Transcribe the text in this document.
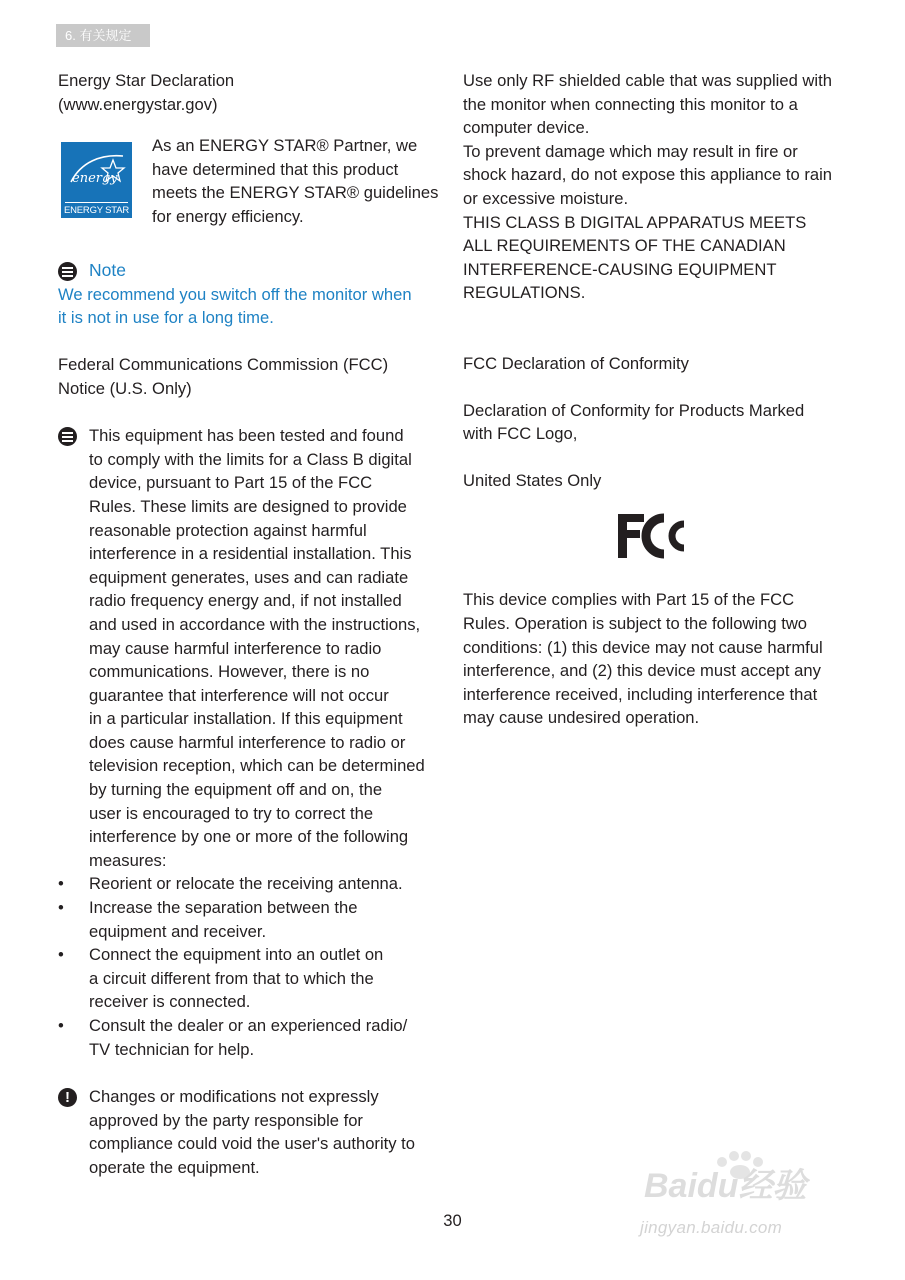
6. 有关规定

Energy Star Declaration

(www.energystar.gov)

energy
ENERGY STAR

As an ENERGY STAR® Partner, we

have determined that this product

meets the ENERGY STAR® guidelines

for energy efficiency.

Note

We recommend you switch off the monitor when

it is not in use for a long time.

Federal Communications Commission (FCC)

Notice (U.S. Only)

This equipment has been tested and found

to comply with the limits for a Class B digital

device, pursuant to Part 15 of the FCC

Rules. These limits are designed to provide

reasonable protection against harmful

interference in a residential installation. This

equipment generates, uses and can radiate

radio frequency energy and, if not installed

and used in accordance with the instructions,

may cause harmful interference to radio

communications. However, there is no

guarantee that interference will not occur

in a particular installation. If this equipment

does cause harmful interference to radio or

television reception, which can be determined

by turning the equipment off and on, the

user is encouraged to try to correct the

interference by one or more of the following

measures:

• Reorient or relocate the receiving antenna.

• Increase the separation between the

equipment and receiver.

• Connect the equipment into an outlet on

a circuit different from that to which the

receiver is connected.

• Consult the dealer or an experienced radio/

TV technician for help.

!	Changes or modifications not expressly

approved by the party responsible for

compliance could void the user's authority to

operate the equipment.

Use only RF shielded cable that was supplied with

the monitor when connecting this monitor to a

computer device.

To prevent damage which may result in fire or

shock hazard, do not expose this appliance to rain

or excessive moisture.

THIS CLASS B DIGITAL APPARATUS MEETS

ALL REQUIREMENTS OF THE CANADIAN

INTERFERENCE-CAUSING EQUIPMENT

REGULATIONS.

FCC Declaration of Conformity

Declaration of Conformity for Products Marked

with FCC Logo,

United States Only

This device complies with Part 15 of the FCC

Rules. Operation is subject to the following two

conditions: (1) this device may not cause harmful

interference, and (2) this device must accept any

interference received, including interference that

may cause undesired operation.

30
Baidu经验
jingyan.baidu.com
